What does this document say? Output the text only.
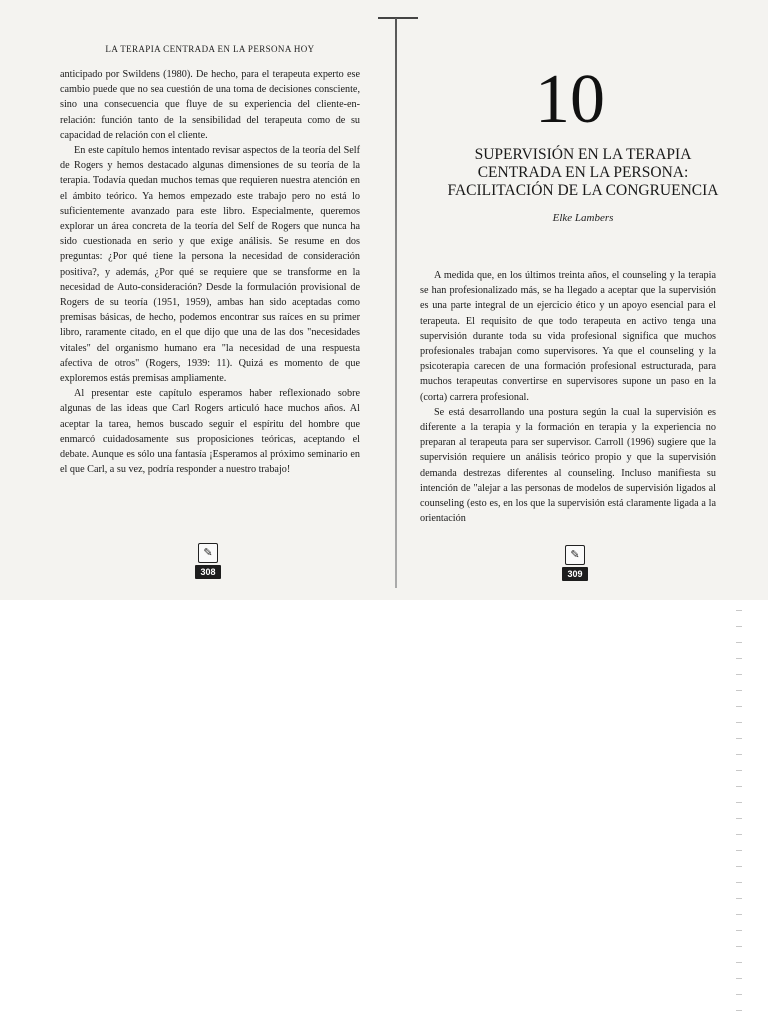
LA TERAPIA CENTRADA EN LA PERSONA HOY

anticipado por Swildens (1980). De hecho, para el terapeuta experto ese cambio puede que no sea cuestión de una toma de decisiones consciente, sino una consecuencia que fluye de su experiencia del cliente-en-relación: función tanto de la sensibilidad del terapeuta como de su capacidad de relación con el cliente.

En este capítulo hemos intentado revisar aspectos de la teoría del Self de Rogers y hemos destacado algunas dimensiones de su teoría de la terapia. Todavía quedan muchos temas que requieren nuestra atención en el ámbito teórico. Ya hemos empezado este trabajo pero no está lo suficientemente avanzado para este libro. Especialmente, queremos explorar un área concreta de la teoría del Self de Rogers que nunca ha sido cuestionada en serio y que exige análisis. Se resume en dos preguntas: ¿Por qué tiene la persona la necesidad de consideración positiva?, y además, ¿Por qué se requiere que se transforme en la necesidad de Auto-consideración? Desde la formulación provisional de Rogers de su teoría (1951, 1959), ambas han sido aceptadas como premisas básicas, de hecho, podemos encontrar sus raíces en su primer libro, raramente citado, en el que dijo que una de las dos "necesidades vitales" del organismo humano era "la necesidad de una respuesta afectiva de otros" (Rogers, 1939: 11). Quizá es momento de que exploremos estás premisas ampliamente.

Al presentar este capítulo esperamos haber reflexionado sobre algunas de las ideas que Carl Rogers articuló hace muchos años. Al aceptar la tarea, hemos buscado seguir el espíritu del hombre que enmarcó cuidadosamente sus proposiciones teóricas, aceptando el debate. Aunque es sólo una fantasía ¡Esperamos al próximo seminario en el que Carl, a su vez, podría responder a nuestro trabajo!

✎
308
10
SUPERVISIÓN EN LA TERAPIA
CENTRADA EN LA PERSONA:
FACILITACIÓN DE LA CONGRUENCIA
Elke Lambers

A medida que, en los últimos treinta años, el counseling y la terapia se han profesionalizado más, se ha llegado a aceptar que la supervisión es una parte integral de un ejercicio ético y un apoyo esencial para el terapeuta. El requisito de que todo terapeuta en activo tenga una supervisión durante toda su vida profesional significa que muchos profesionales trabajan como supervisores. Ya que el counseling y la psicoterapia carecen de una formación profesional estructurada, para muchos terapeutas convertirse en supervisores supone un paso en la (corta) carrera profesional.

Se está desarrollando una postura según la cual la supervisión es diferente a la terapia y la formación en terapia y la experiencia no preparan al terapeuta para ser supervisor. Carroll (1996) sugiere que la supervisión requiere un análisis teórico propio y que la supervisión demanda destrezas diferentes al counseling. Incluso manifiesta su intención de "alejar a las personas de modelos de supervisión ligados al counseling (esto es, en los que la supervisión está claramente ligada a la orientación

✎
309
